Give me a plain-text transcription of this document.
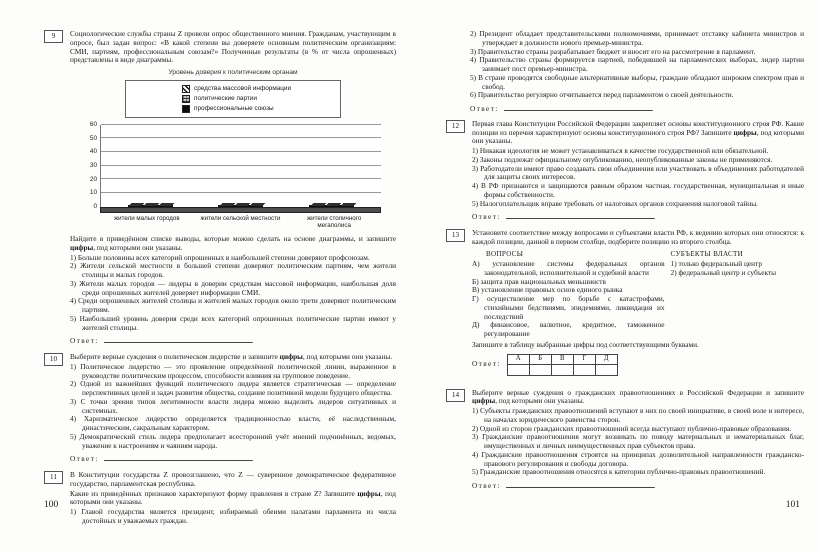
9	Социологические службы страны Z провели опрос общественного мнения. Гражданам, участвующим в опросе, был задан вопрос: «В какой степени вы доверяете основным политическим организациям: СМИ, партиям, профессиональным союзам?» Полученные результаты (в % от числа опрошенных) представлены в виде диаграммы.
Уровень доверия к политическим органам
средства массовой информации
политические партии
профессиональные союзы
0
10
20
30
40
50
60
жители малых городов	жители сельской местности	жители столичного мегаполиса
Найдите в приведённом списке выводы, которые можно сделать на основе диаграммы, и запишите цифры, под которыми они указаны.
1) Больше половины всех категорий опрошенных в наибольшей степени доверяют профсоюзам.
2) Жители сельской местности в большей степени доверяют политическим партиям, чем жители столицы и малых городов.
3) Жители малых городов — лидеры в доверии средствам массовой информации, наибольшая доля среди опрошенных жителей доверяет информации СМИ.
4) Среди опрошенных жителей столицы и жителей малых городов около трети доверяют политическим партиям.
5) Наибольший уровень доверия среди всех категорий опрошенных политические партии имеют у жителей столицы.
Ответ:	.
10	Выберите верные суждения о политическом лидерстве и запишите цифры, под которыми они указаны.
1) Политическое лидерство — это проявление определённой политической линии, выраженное в руководстве политическим процессом, способности влияния на групповое поведение.
2) Одной из важнейших функций политического лидера является стратегическая — определение перспективных целей и задач развития общества, создание позитивной модели будущего общества.
3) С точки зрения типов легитимности власти лидера можно выделить лидеров ситуативных и системных.
4) Харизматическое лидерство определяется традиционностью власти, её наследственным, династическим, сакральным характером.
5) Демократический стиль лидера предполагает всесторонний учёт мнений подчинённых, ведомых, уважение к настроениям и чаяниям народа.
Ответ:	.
11	В Конституции государства Z провозглашено, что Z — суверенное демократическое федеративное государство, парламентская республика.
Какие из приведённых признаков характеризуют форму правления в стране Z? Запишите цифры, под которыми они указаны.
1) Главой государства является президент, избираемый обеими палатами парламента из числа достойных и уважаемых граждан.
100
2) Президент обладает представительскими полномочиями, принимает отставку кабинета министров и утверждает в должности нового премьер-министра.
3) Правительство страны разрабатывает бюджет и вносит его на рассмотрение в парламент.
4) Правительство страны формируется партией, победившей на парламентских выборах, лидер партии занимает пост премьер-министра.
5) В стране проводятся свободные альтернативные выборы, граждане обладают широким спектром прав и свобод.
6) Правительство регулярно отчитывается перед парламентом о своей деятельности.
Ответ:	.
12	Первая глава Конституции Российской Федерации закрепляет основы конституционного строя РФ. Какие позиции из перечня характеризуют основы конституционного строя РФ? Запишите цифры, под которыми они указаны.
1) Никакая идеология не может устанавливаться в качестве государственной или обязательной.
2) Законы подлежат официальному опубликованию, неопубликованные законы не применяются.
3) Работодатели имеют право создавать свои объединения или участвовать в объединениях работодателей для защиты своих интересов.
4) В РФ признаются и защищаются равным образом частная, государственная, муниципальная и иные формы собственности.
5) Налогоплательщик вправе требовать от налоговых органов сохранения налоговой тайны.
Ответ:	.
13	Установите соответствие между вопросами и субъектами власти РФ, к ведению которых они относятся: к каждой позиции, данной в первом столбце, подберите позицию из второго столбца.
ВОПРОСЫ
А) установление системы федеральных органов законодательной, исполнительной и судебной власти
Б) защита прав национальных меньшинств
В) установление правовых основ единого рынка
Г) осуществление мер по борьбе с катастрофами, стихийными бедствиями, эпидемиями, ликвидация их последствий
Д) финансовое, валютное, кредитное, таможенное регулирование
СУБЪЕКТЫ ВЛАСТИ
1) только федеральный центр
2) федеральный центр и субъекты
Запишите в таблицу выбранные цифры под соответствующими буквами.
Ответ:
А	Б	В	Г	Д

14	Выберите верные суждения о гражданских правоотношениях в Российской Федерации и запишите цифры, под которыми они указаны.
1) Субъекты гражданских правоотношений вступают в них по своей инициативе, в своей воле и интересе, на началах юридического равенства сторон.
2) Одной из сторон гражданских правоотношений всегда выступают публично-правовые образования.
3) Гражданские правоотношения могут возникать по поводу материальных и нематериальных благ, имущественных и личных неимущественных прав субъектов права.
4) Гражданские правоотношения строятся на принципах дозволительной направленности гражданско-правового регулирования и свободы договора.
5) Гражданские правоотношения относятся к категории публично-правовых правоотношений.
Ответ:	.
101
